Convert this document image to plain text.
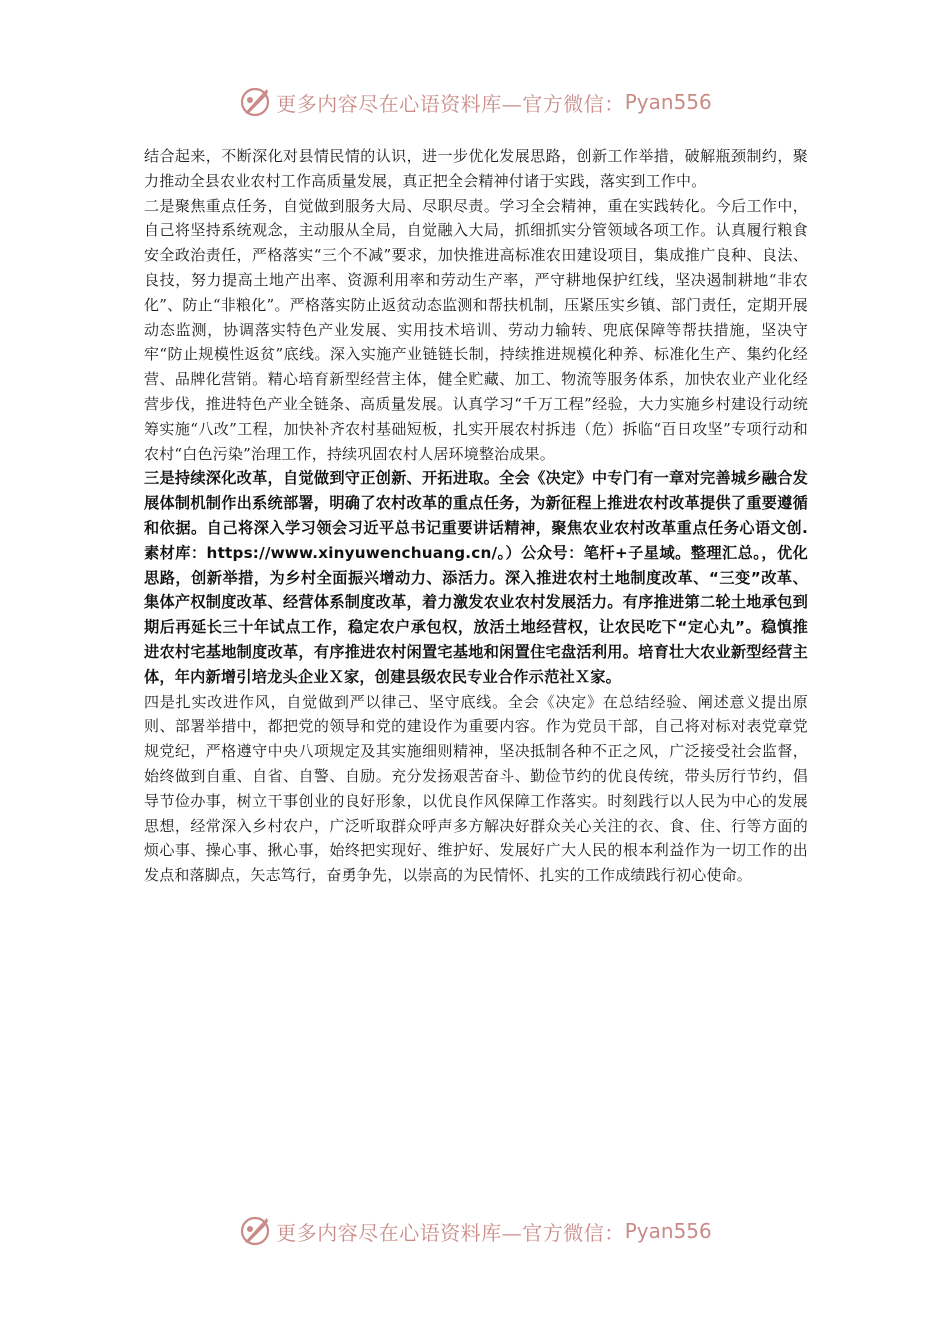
更多内容尽在心语资料库—官方微信： Pyan556

结合起来，不断深化对县情民情的认识，进一步优化发展思路，创新工作举措，破解瓶颈制约，聚力推动全县农业农村工作高质量发展，真正把全会精神付诸于实践，落实到工作中。

二是聚焦重点任务，自觉做到服务大局、尽职尽责。学习全会精神，重在实践转化。今后工作中，自己将坚持系统观念，主动服从全局，自觉融入大局，抓细抓实分管领域各项工作。认真履行粮食安全政治责任，严格落实“三个不减”要求，加快推进高标准农田建设项目，集成推广良种、良法、良技，努力提高土地产出率、资源利用率和劳动生产率，严守耕地保护红线，坚决遏制耕地“非农化”、防止“非粮化”。严格落实防止返贫动态监测和帮扶机制，压紧压实乡镇、部门责任，定期开展动态监测，协调落实特色产业发展、实用技术培训、劳动力输转、兜底保障等帮扶措施，坚决守牢“防止规模性返贫”底线。深入实施产业链链长制，持续推进规模化种养、标准化生产、集约化经营、品牌化营销。精心培育新型经营主体，健全贮藏、加工、物流等服务体系，加快农业产业化经营步伐，推进特色产业全链条、高质量发展。认真学习“千万工程”经验，大力实施乡村建设行动统筹实施“八改”工程，加快补齐农村基础短板，扎实开展农村拆违（危）拆临“百日攻坚”专项行动和农村“白色污染”治理工作，持续巩固农村人居环境整治成果。

三是持续深化改革，自觉做到守正创新、开拓进取。全会《决定》中专门有一章对完善城乡融合发展体制机制作出系统部署，明确了农村改革的重点任务，为新征程上推进农村改革提供了重要遵循和依据。自己将深入学习领会习近平总书记重要讲话精神，聚焦农业农村改革重点任务心语文创.素材库：https://www.xinyuwenchuang.cn/。）公众号：笔杆+子星域。整理汇总。，优化思路，创新举措，为乡村全面振兴增动力、添活力。深入推进农村土地制度改革、“三变”改革、集体产权制度改革、经营体系制度改革，着力激发农业农村发展活力。有序推进第二轮土地承包到期后再延长三十年试点工作，稳定农户承包权，放活土地经营权，让农民吃下“定心丸”。稳慎推进农村宅基地制度改革，有序推进农村闲置宅基地和闲置住宅盘活利用。培育壮大农业新型经营主体，年内新增引培龙头企业Ｘ家，创建县级农民专业合作示范社Ｘ家。

四是扎实改进作风，自觉做到严以律己、坚守底线。全会《决定》在总结经验、阐述意义提出原则、部署举措中，都把党的领导和党的建设作为重要内容。作为党员干部，自己将对标对表党章党规党纪，严格遵守中央八项规定及其实施细则精神，坚决抵制各种不正之风，广泛接受社会监督，始终做到自重、自省、自警、自励。充分发扬艰苦奋斗、勤俭节约的优良传统，带头厉行节约，倡导节俭办事，树立干事创业的良好形象，以优良作风保障工作落实。时刻践行以人民为中心的发展思想，经常深入乡村农户，广泛听取群众呼声多方解决好群众关心关注的衣、食、住、行等方面的烦心事、操心事、揪心事，始终把实现好、维护好、发展好广大人民的根本利益作为一切工作的出发点和落脚点，矢志笃行，奋勇争先，以崇高的为民情怀、扎实的工作成绩践行初心使命。

更多内容尽在心语资料库—官方微信： Pyan556
